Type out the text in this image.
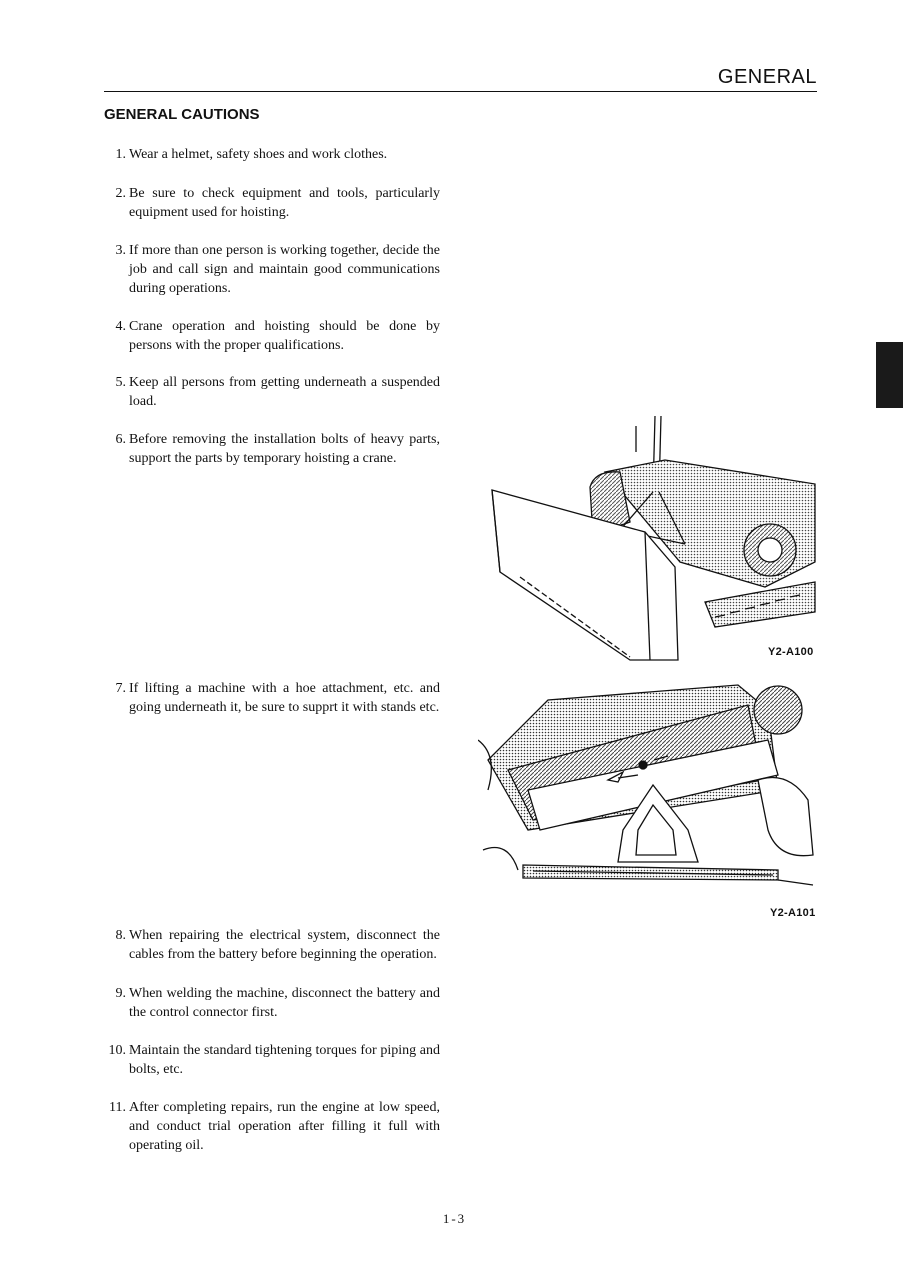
GENERAL
GENERAL CAUTIONS
1. Wear a helmet, safety shoes and work clothes.
2. Be sure to check equipment and tools, particularly equipment used for hoisting.
3. If more than one person is working together, decide the job and call sign and maintain good communications during operations.
4. Crane operation and hoisting should be done by persons with the proper qualifications.
5. Keep all persons from getting underneath a suspended load.
6. Before removing the installation bolts of heavy parts, support the parts by temporary hoisting a crane.
7. If lifting a machine with a hoe attachment, etc. and going underneath it, be sure to supprt it with stands etc.
8. When repairing the electrical system, disconnect the cables from the battery before beginning the operation.
9. When welding the machine, disconnect the battery and the control connector first.
10. Maintain the standard tightening torques for piping and bolts, etc.
11. After completing repairs, run the engine at low speed, and conduct trial operation after filling it full with operating oil.
Y2-A100
Y2-A101
1-3
